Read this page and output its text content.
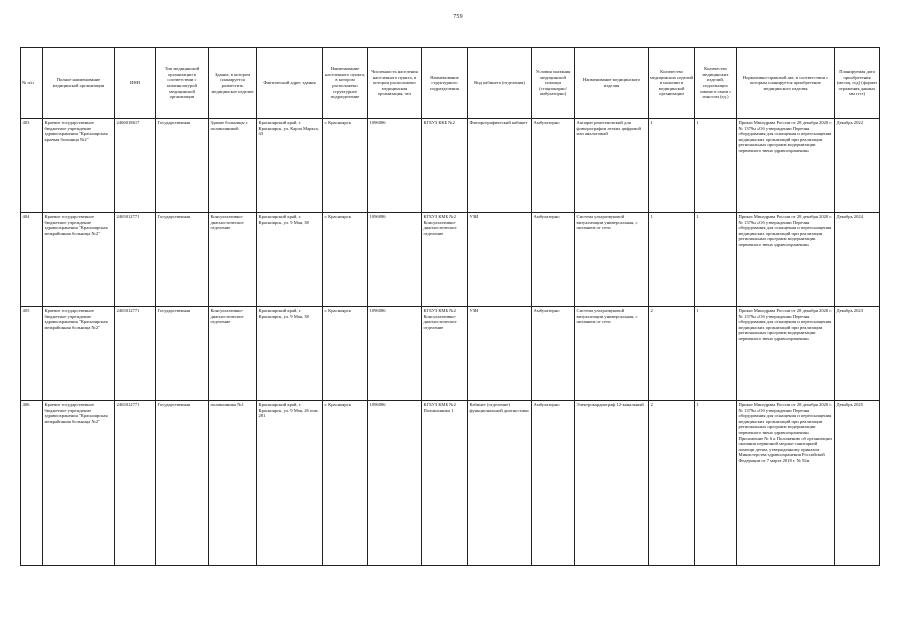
759
№ п/п	Полное наименование медицинской организации	ИНН	Тип медицинской организации в соответствии с номенклатурой медицинской организации	Здание, в котором планируется разместить медицинское изделие	Фактический адрес здания	Наименование населенного пункта, в котором расположено структурное подразделение	Численность населения населенного пункта, в котором расположено медицинская организация, чел	Наименование структурного подразделения	Вид кабинета (отделения)	Условия оказания медицинской помощи (стационарно/амбулаторно)	Наименование медицинского изделия	Количество медицинских изделий в наличии в медицинской организации	Количество медицинских изделий, подлежащих замене в связи с износом (ед.)	Нормативно-правовой акт, в соответствии с которым планируется приобретение медицинского изделия	Планируемая дата приобретения (месяц, год) (формат отражения данных мм гггг)
403	Краевое государственное бюджетное учреждение здравоохранения "Красноярская краевая больница №2"	2466018617	Государственная	Здание больницы с поликлиникой	Красноярский край, г. Красноярск, ул. Карла Маркса, 43	г. Красноярск	1096086	КГБУЗ ККБ №2	Флюорографический кабинет	Амбулаторно	Аппарат рентгеновский для флюорографии легких цифровой или аналоговый	1	1	Приказ Минздрава России от 28 декабря 2020 г. № 1379н «Об утверждении Перечня оборудования для оснащения и переоснащения медицинских организаций при реализации региональных программ модернизации первичного звена здравоохранения»	Декабрь 2022
404	Краевое государственное бюджетное учреждение здравоохранения "Красноярская межрайонная больница №2"	2465012771	Государственная	Консультативно-диагностическое отделение	Красноярский край, г. Красноярск, ул. 9 Мая, 38	г. Красноярск	1096086	КГБУЗ КМБ №2 Консультативно-диагностическое отделение	УЗИ	Амбулаторно	Система ультразвуковой визуализации универсальная, с питанием от сети	1	1	Приказ Минздрава России от 28 декабря 2020 г. № 1379н «Об утверждении Перечня оборудования для оснащения и переоснащения медицинских организаций при реализации региональных программ модернизации первичного звена здравоохранения»	Декабрь 2024
405	Краевое государственное бюджетное учреждение здравоохранения "Красноярская межрайонная больница №2"	2465012771	Государственная	Консультативно-диагностическое отделение	Красноярский край, г. Красноярск, ул. 9 Мая, 38	г. Красноярск	1096086	КГБУЗ КМБ №2 Консультативно-диагностическое отделение	УЗИ	Амбулаторно	Система ультразвуковой визуализации универсальная, с питанием от сети	2	1	Приказ Минздрава России от 28 декабря 2020 г. № 1379н «Об утверждении Перечня оборудования для оснащения и переоснащения медицинских организаций при реализации региональных программ модернизации первичного звена здравоохранения»	Декабрь 2023
406	Краевое государственное бюджетное учреждение здравоохранения "Красноярская межрайонная больница №2"	2465012771	Государственная	поликлиника №1	Красноярский край, г. Красноярск, ул. 9 Мая, 26 пом. 281	г. Красноярск	1096086	КГБУЗ КМБ №2 Поликлиника 1	Кабинет (отделение) функциональной диагностики	Амбулаторно	Электрокардиограф 12-канальный	2	1	Приказ Минздрава России от 28 декабря 2020 г. № 1379н «Об утверждении Перечня оборудования для оснащения и переоснащения медицинских организаций при реализации региональных программ модернизации первичного звена здравоохранения» Приложение № 6 к Положению об организации оказания первичной медико-санитарной помощи детям, утвержденному приказом Министерства здравоохранения Российской Федерации от 7 марта 2018 г. № 92н	Декабрь 2025
